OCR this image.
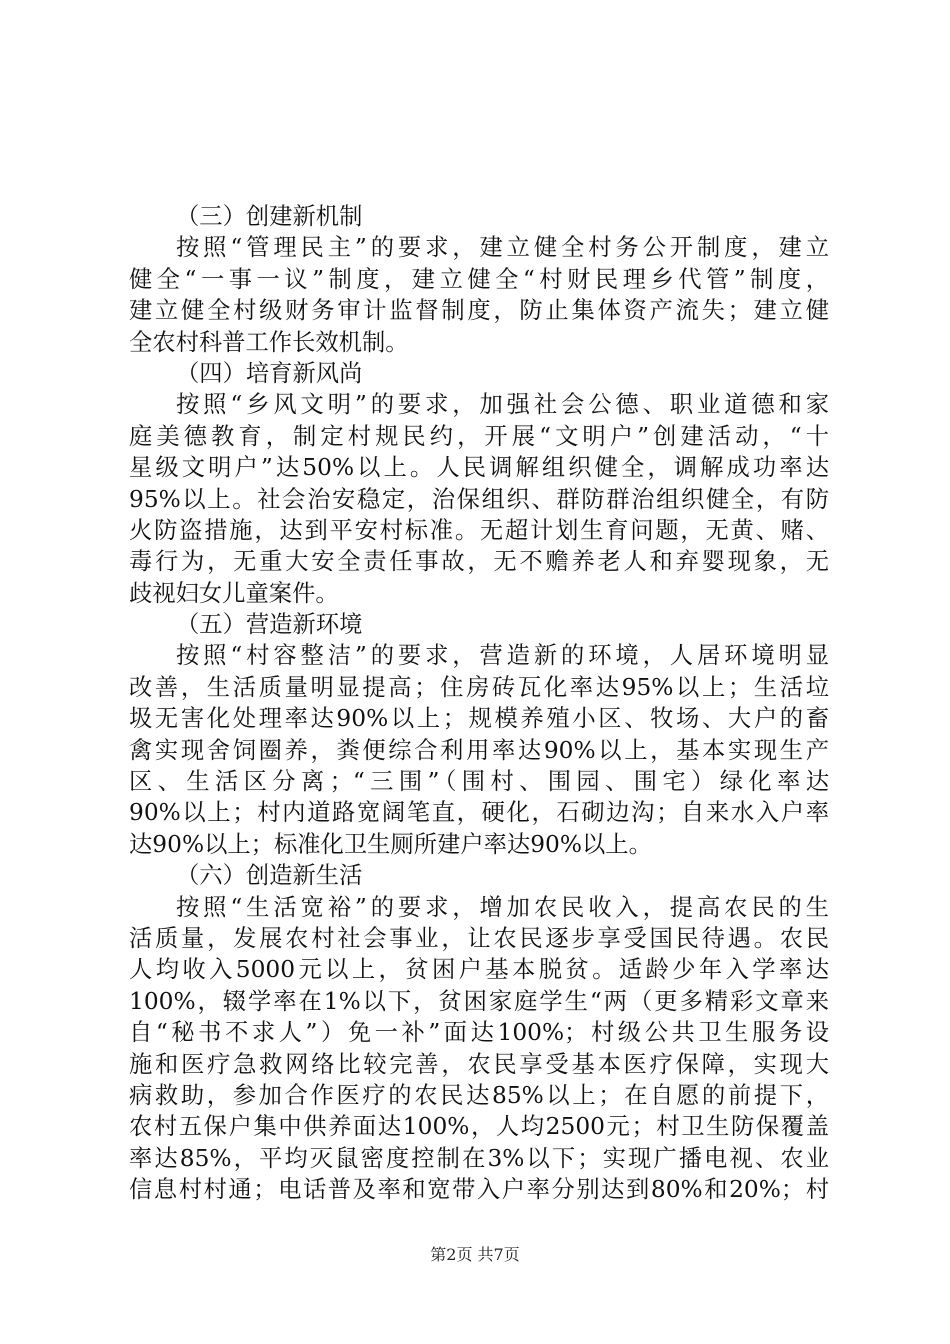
（三）创建新机制
按照“管理民主”的要求，建立健全村务公开制度，建立
健全“一事一议”制度，建立健全“村财民理乡代管”制度，
建立健全村级财务审计监督制度，防止集体资产流失；建立健
全农村科普工作长效机制。
（四）培育新风尚
按照“乡风文明”的要求，加强社会公德、职业道德和家
庭美德教育，制定村规民约，开展“文明户”创建活动，“十
星级文明户”达50%以上。人民调解组织健全，调解成功率达
95%以上。社会治安稳定，治保组织、群防群治组织健全，有防
火防盗措施，达到平安村标准。无超计划生育问题，无黄、赌、
毒行为，无重大安全责任事故，无不赡养老人和弃婴现象，无
歧视妇女儿童案件。
（五）营造新环境
按照“村容整洁”的要求，营造新的环境，人居环境明显
改善，生活质量明显提高；住房砖瓦化率达95%以上；生活垃
圾无害化处理率达90%以上；规模养殖小区、牧场、大户的畜
禽实现舍饲圈养，粪便综合利用率达90%以上，基本实现生产
区、生活区分离；“三围”（围村、围园、围宅）绿化率达
90%以上；村内道路宽阔笔直，硬化，石砌边沟；自来水入户率
达90%以上；标准化卫生厕所建户率达90%以上。
（六）创造新生活
按照“生活宽裕”的要求，增加农民收入，提高农民的生
活质量，发展农村社会事业，让农民逐步享受国民待遇。农民
人均收入5000元以上，贫困户基本脱贫。适龄少年入学率达
100%，辍学率在1%以下，贫困家庭学生“两（更多精彩文章来
自“秘书不求人”）免一补”面达100%；村级公共卫生服务设
施和医疗急救网络比较完善，农民享受基本医疗保障，实现大
病救助，参加合作医疗的农民达85%以上；在自愿的前提下，
农村五保户集中供养面达100%，人均2500元；村卫生防保覆盖
率达85%，平均灭鼠密度控制在3%以下；实现广播电视、农业
信息村村通；电话普及率和宽带入户率分别达到80%和20%；村
第2页 共7页
